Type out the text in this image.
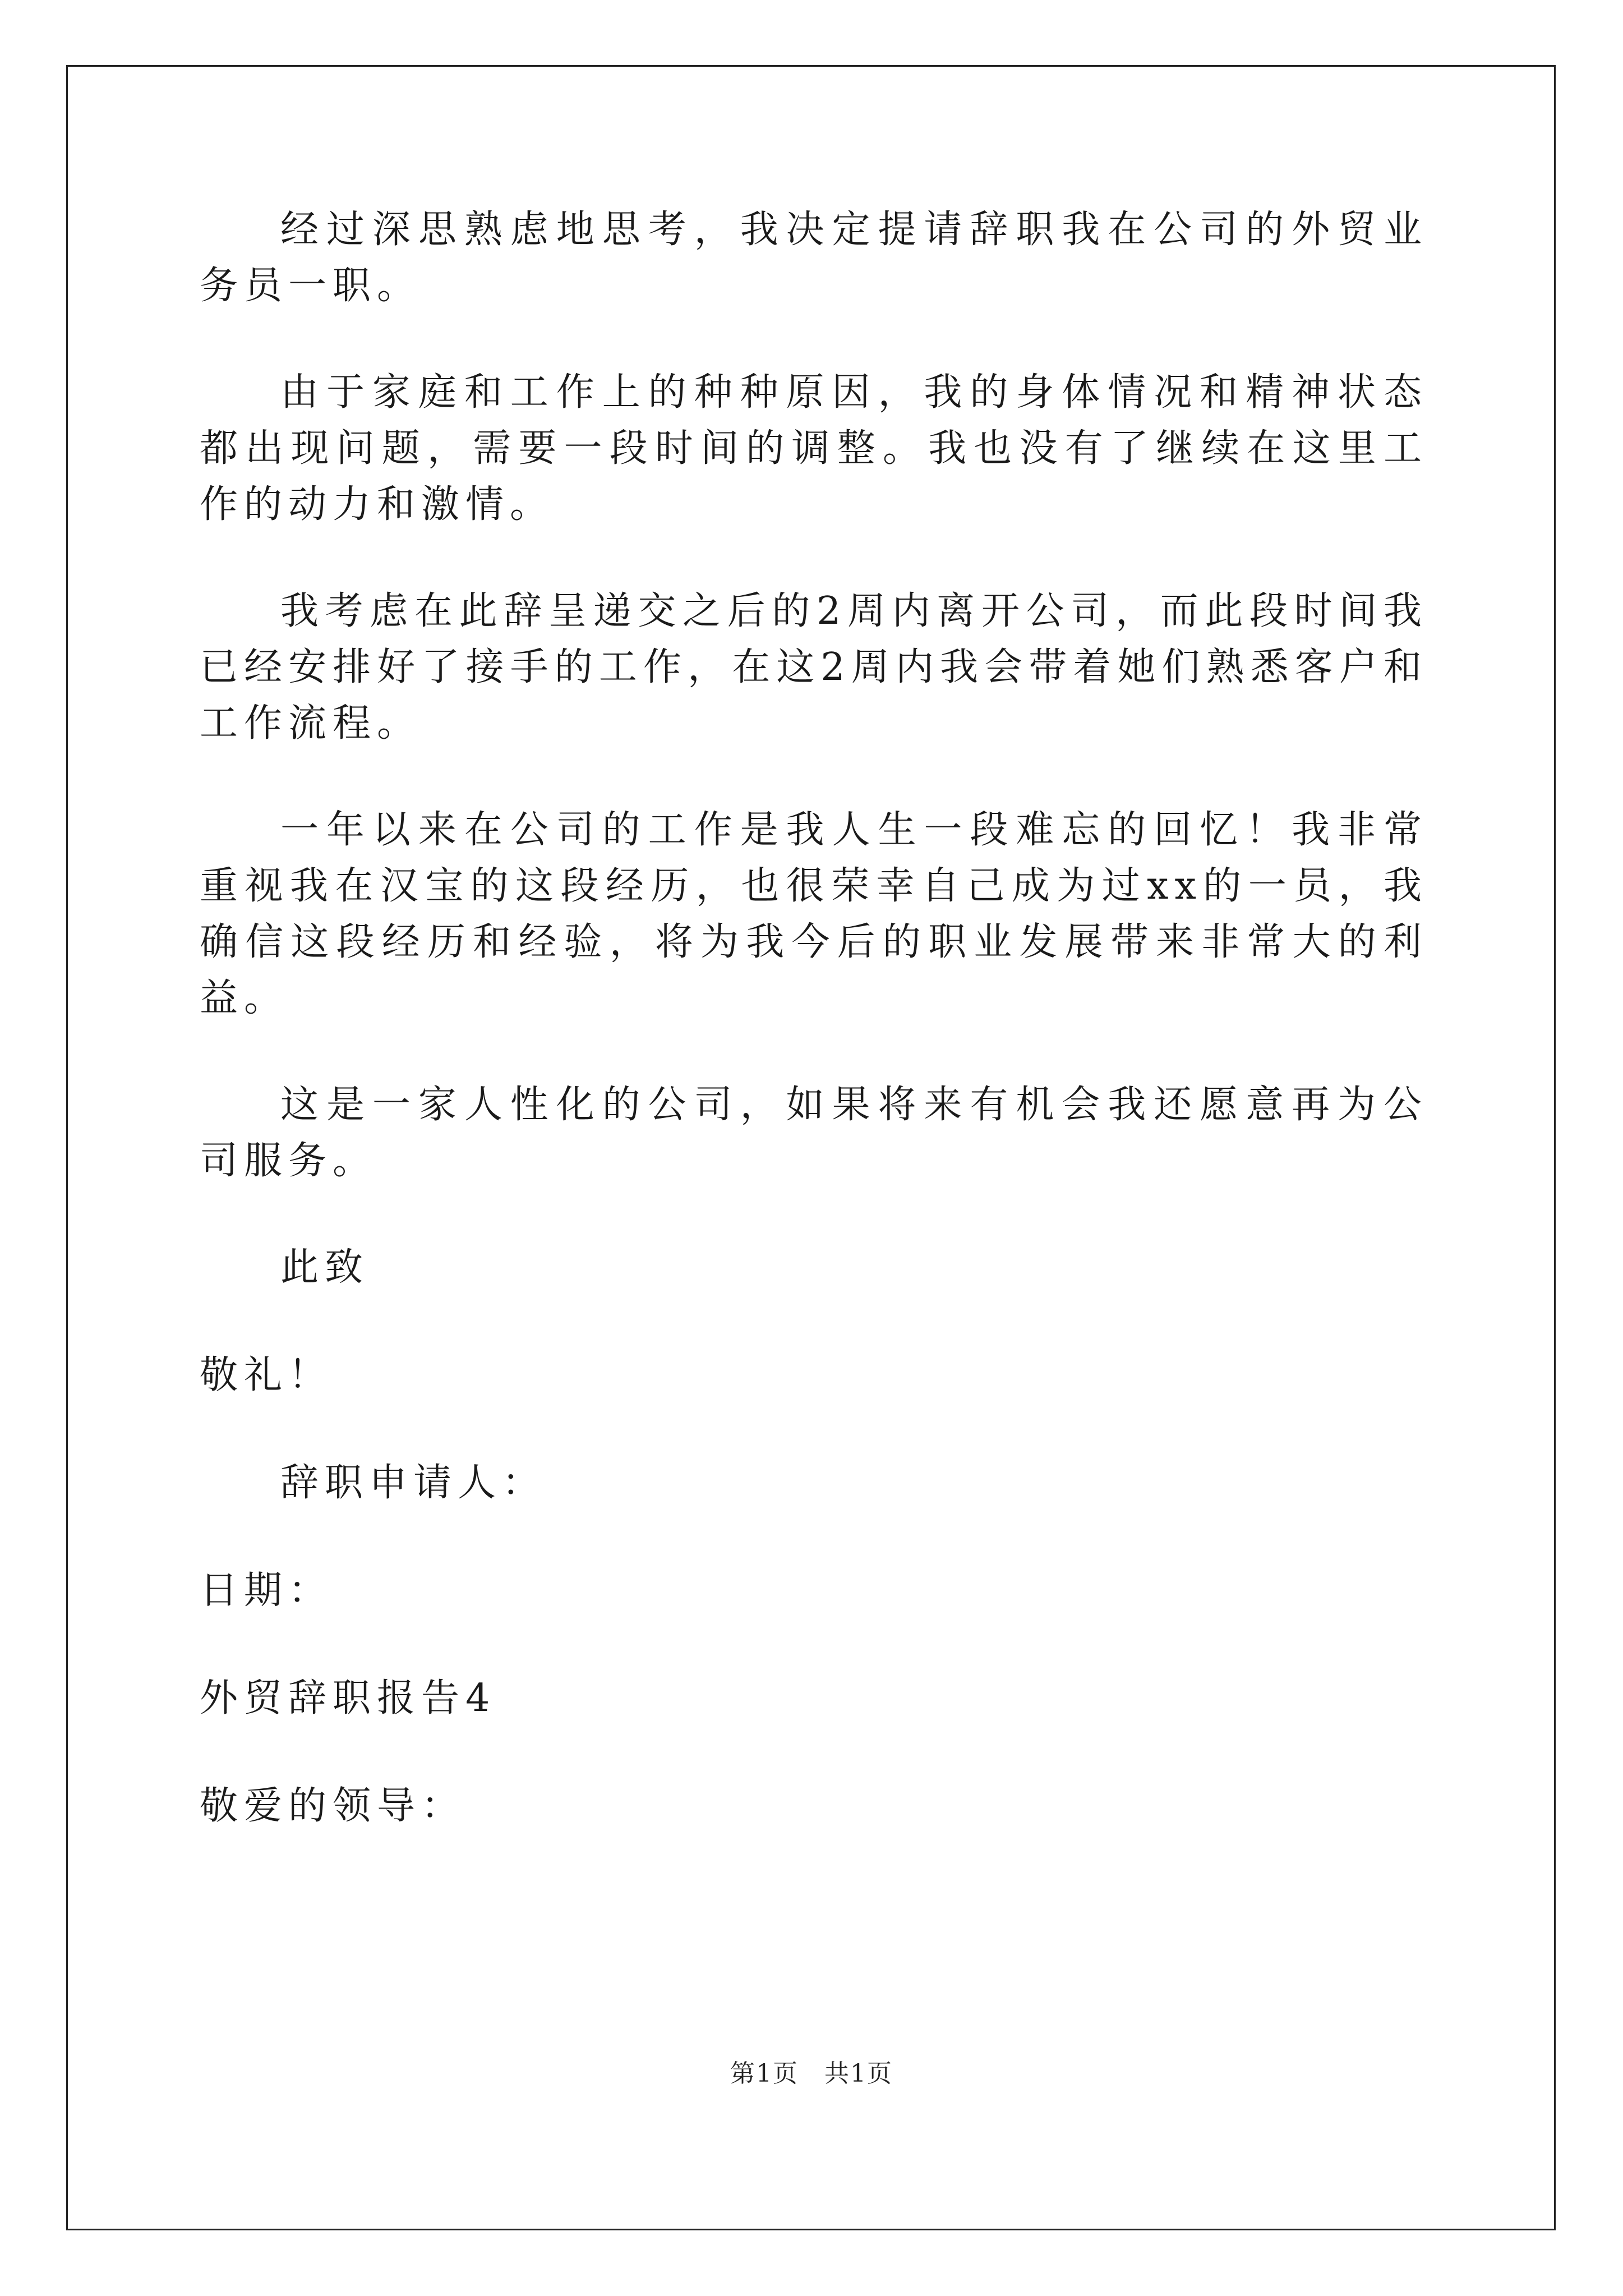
经过深思熟虑地思考，我决定提请辞职我在公司的外贸业务员一职。

由于家庭和工作上的种种原因，我的身体情况和精神状态都出现问题，需要一段时间的调整。我也没有了继续在这里工作的动力和激情。

我考虑在此辞呈递交之后的2周内离开公司，而此段时间我已经安排好了接手的工作，在这2周内我会带着她们熟悉客户和工作流程。

一年以来在公司的工作是我人生一段难忘的回忆！我非常重视我在汉宝的这段经历，也很荣幸自己成为过xx的一员，我确信这段经历和经验，将为我今后的职业发展带来非常大的利益。

这是一家人性化的公司，如果将来有机会我还愿意再为公司服务。

此致

敬礼！

辞职申请人：

日期：

外贸辞职报告4

敬爱的领导：

第1页　共1页
